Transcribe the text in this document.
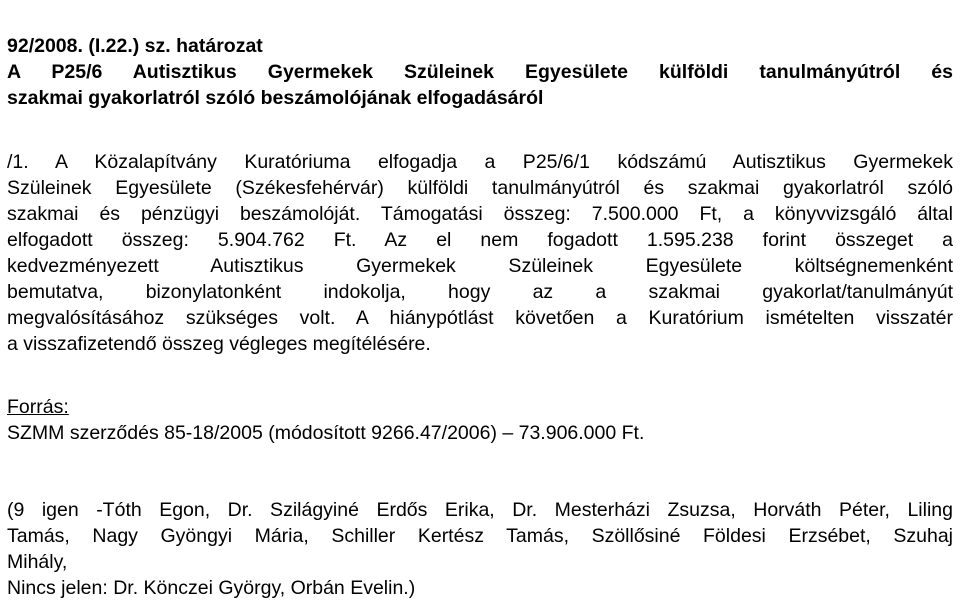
92/2008. (I.22.) sz. határozat
A P25/6 Autisztikus Gyermekek Szüleinek Egyesülete külföldi tanulmányútról és
szakmai gyakorlatról szóló beszámolójának elfogadásáról
/1. A Közalapítvány Kuratóriuma elfogadja a P25/6/1 kódszámú Autisztikus Gyermekek
Szüleinek Egyesülete (Székesfehérvár) külföldi tanulmányútról és szakmai gyakorlatról szóló
szakmai és pénzügyi beszámolóját. Támogatási összeg: 7.500.000 Ft, a könyvvizsgáló által
elfogadott összeg: 5.904.762 Ft. Az el nem fogadott 1.595.238 forint összeget a
kedvezményezett Autisztikus Gyermekek Szüleinek Egyesülete költségnemenként
bemutatva, bizonylatonként indokolja, hogy az a szakmai gyakorlat/tanulmányút
megvalósításához szükséges volt. A hiánypótlást követően a Kuratórium ismételten visszatér
a visszafizetendő összeg végleges megítélésére.
Forrás:
SZMM szerződés 85-18/2005 (módosított 9266.47/2006) – 73.906.000 Ft.
(9 igen -Tóth Egon, Dr. Szilágyiné Erdős Erika, Dr. Mesterházi Zsuzsa, Horváth Péter, Liling
Tamás, Nagy Gyöngyi Mária, Schiller Kertész Tamás, Szöllősiné Földesi Erzsébet, Szuhaj
Mihály,
Nincs jelen: Dr. Könczei György, Orbán Evelin.)
